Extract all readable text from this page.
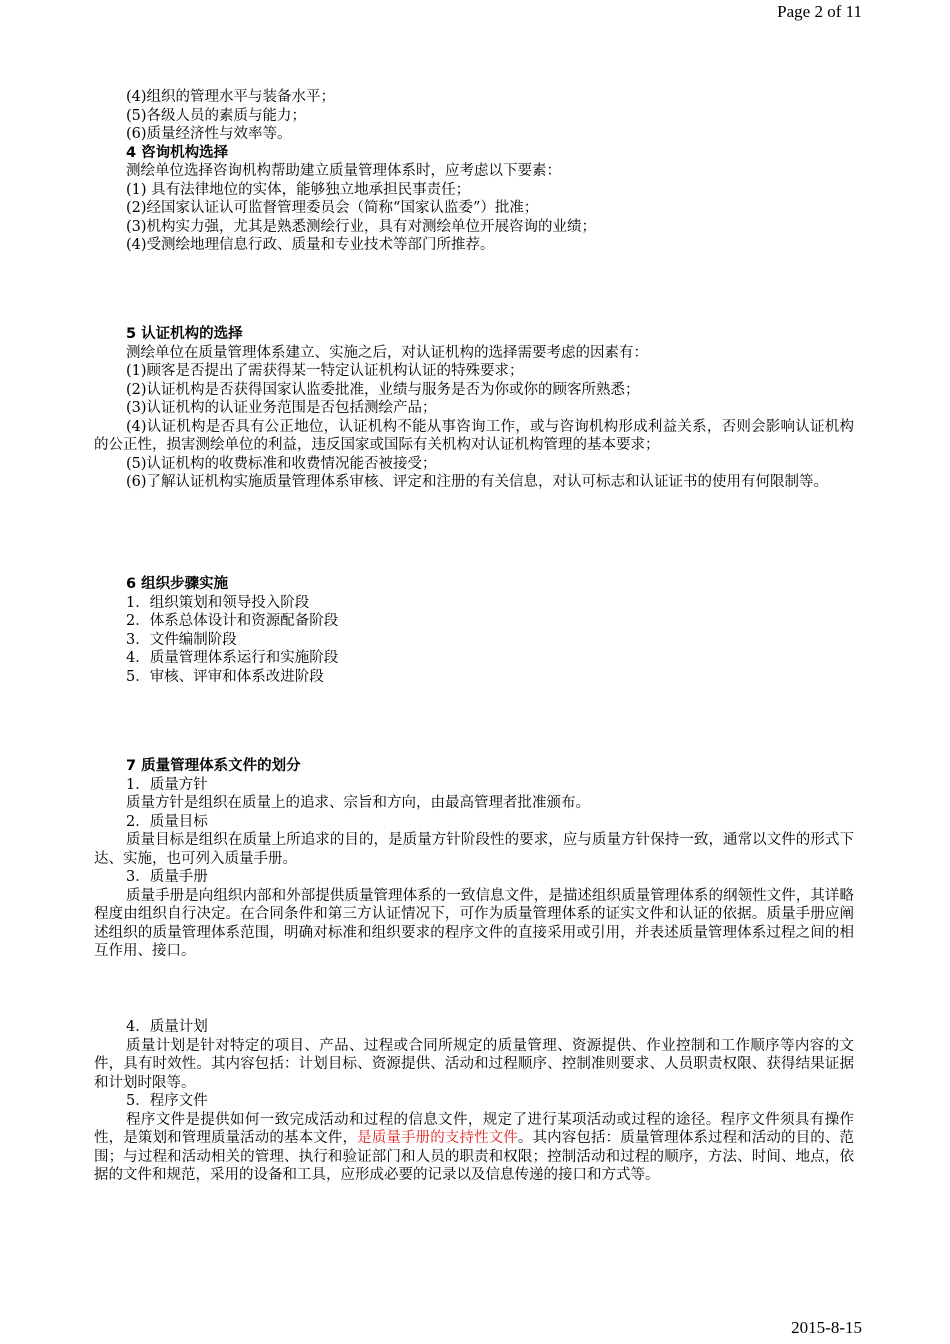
Page 2 of 11

(4)组织的管理水平与装备水平；

(5)各级人员的素质与能力；

(6)质量经济性与效率等。

4 咨询机构选择

测绘单位选择咨询机构帮助建立质量管理体系时，应考虑以下要素：

(1) 具有法律地位的实体，能够独立地承担民事责任；

(2)经国家认证认可监督管理委员会（简称“国家认监委”）批准；

(3)机构实力强，尤其是熟悉测绘行业，具有对测绘单位开展咨询的业绩；

(4)受测绘地理信息行政、质量和专业技术等部门所推荐。

5 认证机构的选择

测绘单位在质量管理体系建立、实施之后，对认证机构的选择需要考虑的因素有：

(1)顾客是否提出了需获得某一特定认证机构认证的特殊要求；

(2)认证机构是否获得国家认监委批准，业绩与服务是否为你或你的顾客所熟悉；

(3)认证机构的认证业务范围是否包括测绘产品；

(4)认证机构是否具有公正地位，认证机构不能从事咨询工作，或与咨询机构形成利益关系，否则会影响认证机构的公正性，损害测绘单位的利益，违反国家或国际有关机构对认证机构管理的基本要求；

(5)认证机构的收费标准和收费情况能否被接受；

(6)了解认证机构实施质量管理体系审核、评定和注册的有关信息，对认可标志和认证证书的使用有何限制等。

6 组织步骤实施

1．组织策划和领导投入阶段

2．体系总体设计和资源配备阶段

3．文件编制阶段

4．质量管理体系运行和实施阶段

5．审核、评审和体系改进阶段

7 质量管理体系文件的划分

1．质量方针

质量方针是组织在质量上的追求、宗旨和方向，由最高管理者批准颁布。

2．质量目标

质量目标是组织在质量上所追求的目的，是质量方针阶段性的要求，应与质量方针保持一致，通常以文件的形式下达、实施，也可列入质量手册。

3．质量手册

质量手册是向组织内部和外部提供质量管理体系的一致信息文件，是描述组织质量管理体系的纲领性文件，其详略程度由组织自行决定。在合同条件和第三方认证情况下，可作为质量管理体系的证实文件和认证的依据。质量手册应阐述组织的质量管理体系范围，明确对标准和组织要求的程序文件的直接采用或引用，并表述质量管理体系过程之间的相互作用、接口。

4．质量计划

质量计划是针对特定的项目、产品、过程或合同所规定的质量管理、资源提供、作业控制和工作顺序等内容的文件，具有时效性。其内容包括：计划目标、资源提供、活动和过程顺序、控制准则要求、人员职责权限、获得结果证据和计划时限等。

5．程序文件

程序文件是提供如何一致完成活动和过程的信息文件，规定了进行某项活动或过程的途径。程序文件须具有操作性，是策划和管理质量活动的基本文件，是质量手册的支持性文件。其内容包括：质量管理体系过程和活动的目的、范围；与过程和活动相关的管理、执行和验证部门和人员的职责和权限；控制活动和过程的顺序，方法、时间、地点，依据的文件和规范，采用的设备和工具，应形成必要的记录以及信息传递的接口和方式等。

2015-8-15
